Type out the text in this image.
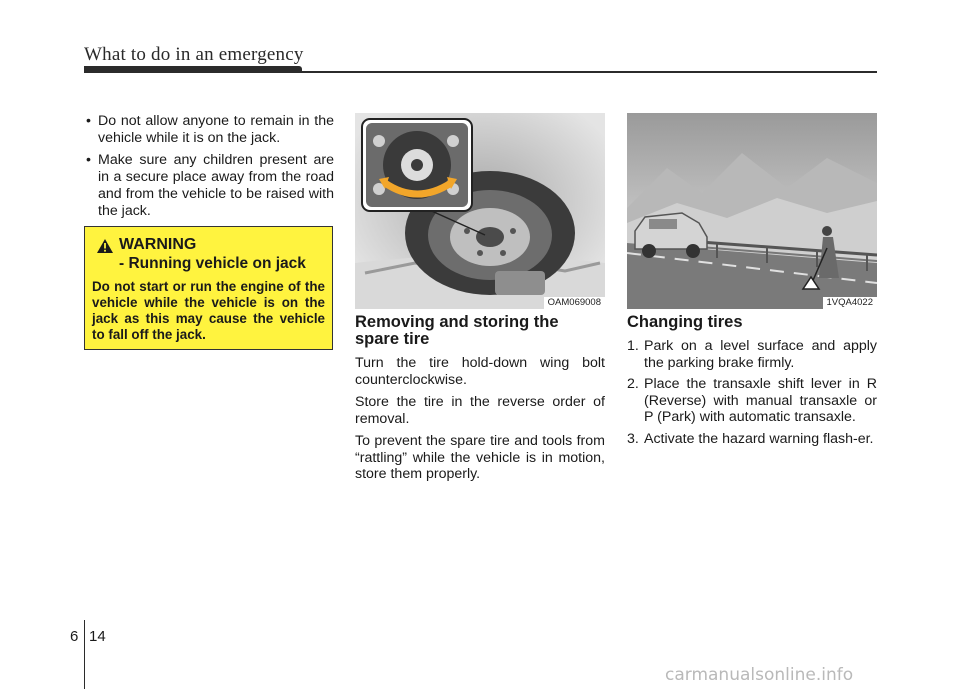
What to do in an emergency
• Do not allow anyone to remain in the vehicle while it is on the jack.
• Make sure any children present are in a secure place away from the road and from the vehicle to be raised with the jack.
WARNING
- Running vehicle on jack
Do not start or run the engine of the vehicle while the vehicle is on the jack as this may cause the vehicle to fall off the jack.
OAM069008	1VQA4022
Removing and storing the spare tire

Turn the tire hold-down wing bolt counterclockwise.

Store the tire in the reverse order of removal.

To prevent the spare tire and tools from “rattling” while the vehicle is in motion, store them properly.

Changing tires
1. Park on a level surface and apply the parking brake firmly.
2. Place the transaxle shift lever in R (Reverse) with manual transaxle or P (Park) with automatic transaxle.
3. Activate the hazard warning flash-er.
6 14
carmanualsonline.info
